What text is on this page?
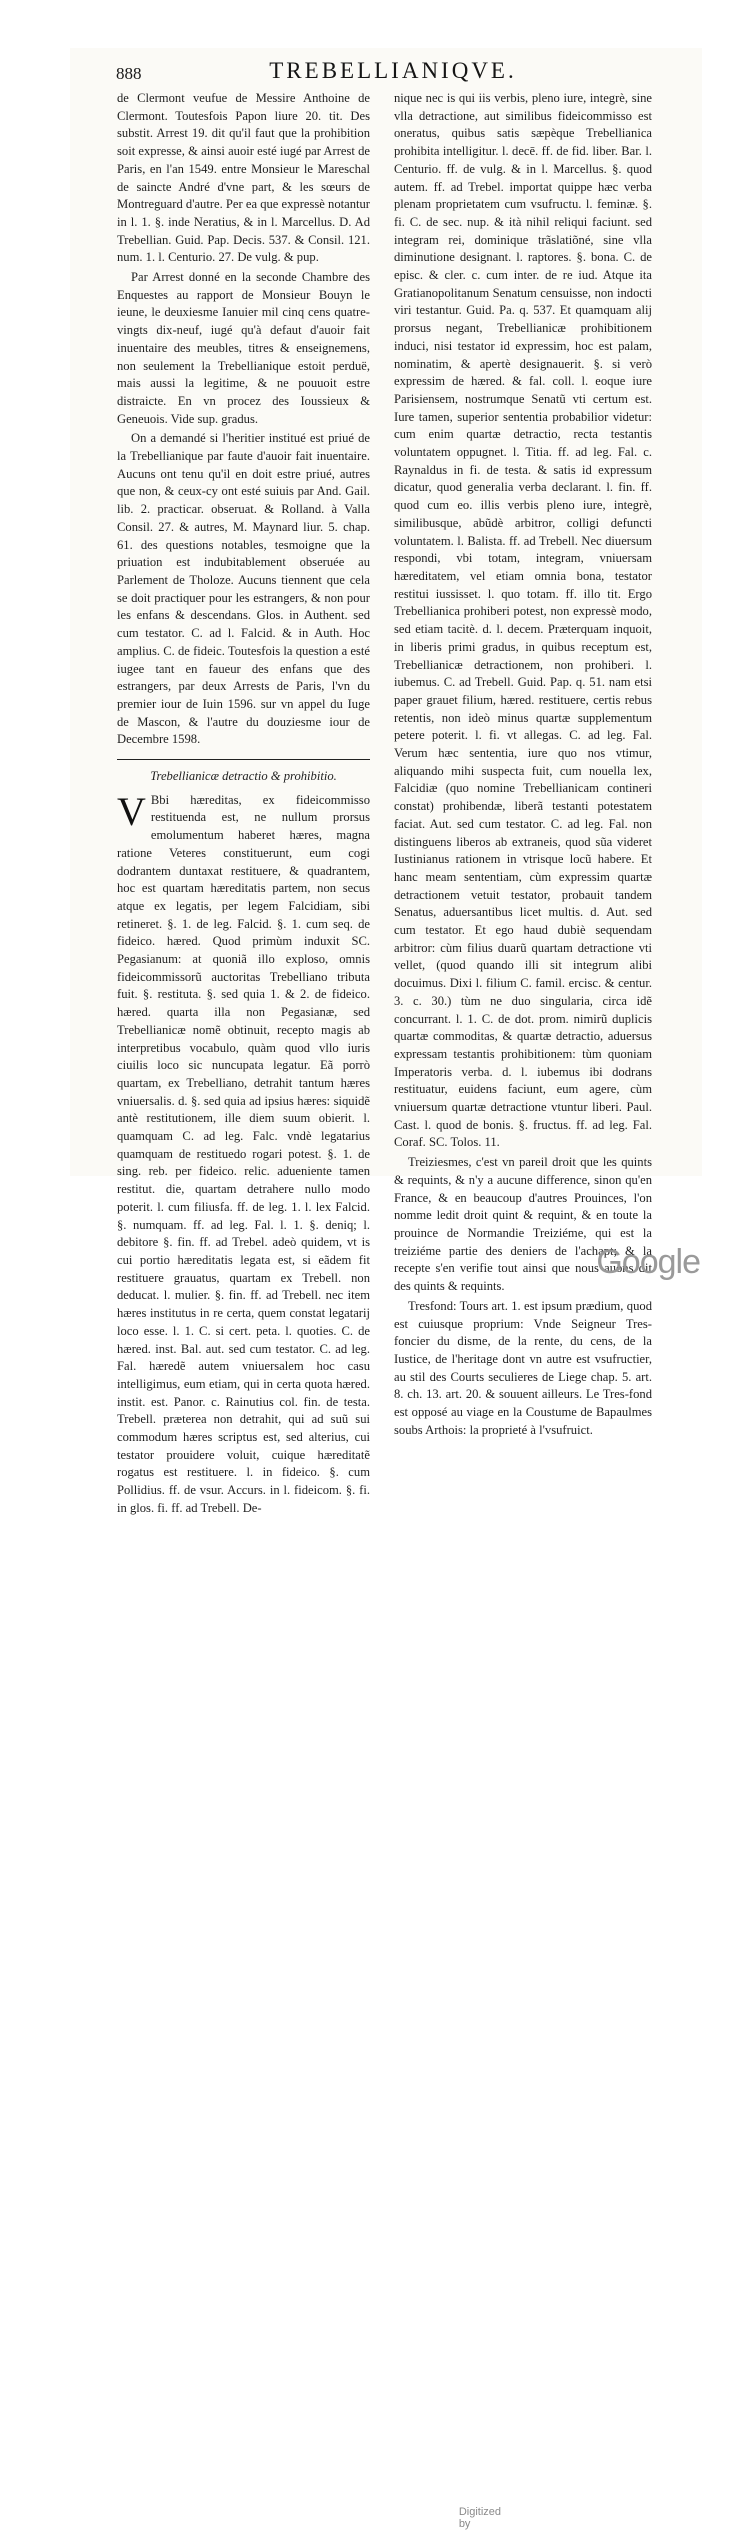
888	TREBELLIANIQVE.

de Clermont veufue de Messire Anthoine de Clermont. Toutesfois Papon liure 20. tit. Des substit. Arrest 19. dit qu'il faut que la prohibition soit expresse, & ainsi auoir esté iugé par Arrest de Paris, en l'an 1549. entre Monsieur le Mareschal de saincte André d'vne part, & les sœurs de Montreguard d'autre. Per ea que expressè notantur in l. 1. §. inde Neratius, & in l. Marcellus. D. Ad Trebellian. Guid. Pap. Decis. 537. & Consil. 121. num. 1. l. Centurio. 27. De vulg. & pup.

Par Arrest donné en la seconde Chambre des Enquestes au rapport de Monsieur Bouyn le ieune, le deuxiesme Ianuier mil cinq cens quatre-vingts dix-neuf, iugé qu'à defaut d'auoir fait inuentaire des meubles, titres & enseignemens, non seulement la Trebellianique estoit perduë, mais aussi la legitime, & ne pouuoit estre distraicte. En vn procez des Ioussieux & Geneuois. Vide sup. gradus.

On a demandé si l'heritier institué est priué de la Trebellianique par faute d'auoir fait inuentaire. Aucuns ont tenu qu'il en doit estre priué, autres que non, & ceux-cy ont esté suiuis par And. Gail. lib. 2. practicar. obseruat. & Rolland. à Valla Consil. 27. & autres, M. Maynard liur. 5. chap. 61. des questions notables, tesmoigne que la priuation est indubitablement obseruée au Parlement de Tholoze. Aucuns tiennent que cela se doit practiquer pour les estrangers, & non pour les enfans & descendans. Glos. in Authent. sed cum testator. C. ad l. Falcid. & in Auth. Hoc amplius. C. de fideic. Toutesfois la question a esté iugee tant en faueur des enfans que des estrangers, par deux Arrests de Paris, l'vn du premier iour de Iuin 1596. sur vn appel du Iuge de Mascon, & l'autre du douziesme iour de Decembre 1598.

Trebellianicæ detractio & prohibitio.

V Bbi hæreditas, ex fideicommisso restituenda est, ne nullum prorsus emolumentum haberet hæres, magna ratione Veteres constituerunt, eum cogi dodrantem duntaxat restituere, & quadrantem, hoc est quartam hæreditatis partem, non secus atque ex legatis, per legem Falcidiam, sibi retineret. §. 1. de leg. Falcid. §. 1. cum seq. de fideico. hæred. Quod primùm induxit SC. Pegasianum: at quoniã illo exploso, omnis fideicommissorũ auctoritas Trebelliano tributa fuit. §. restituta. §. sed quia 1. & 2. de fideico. hæred. quarta illa non Pegasianæ, sed Trebellianicæ nomẽ obtinuit, recepto magis ab interpretibus vocabulo, quàm quod vllo iuris ciuilis loco sic nuncupata legatur. Eã porrò quartam, ex Trebelliano, detrahit tantum hæres vniuersalis. d. §. sed quia ad ipsius hæres: siquidẽ antè restitutionem, ille diem suum obierit. l. quamquam C. ad leg. Falc. vndè legatarius quamquam de restituedo rogari potest. §. 1. de sing. reb. per fideico. relic. adueniente tamen restitut. die, quartam detrahere nullo modo poterit. l. cum filiusfa. ff. de leg. 1. l. lex Falcid. §. numquam. ff. ad leg. Fal. l. 1. §. deniq; l. debitore §. fin. ff. ad Trebel. adeò quidem, vt is cui portio hæreditatis legata est, si eãdem fit restituere grauatus, quartam ex Trebell. non deducat. l. mulier. §. fin. ff. ad Trebell. nec item hæres institutus in re certa, quem constat legatarij loco esse. l. 1. C. si cert. peta. l. quoties. C. de hæred. inst. Bal. aut. sed cum testator. C. ad leg. Fal. hæredẽ autem vniuersalem hoc casu intelligimus, eum etiam, qui in certa quota hæred. instit. est. Panor. c. Rainutius col. fin. de testa. Trebell. præterea non detrahit, qui ad suũ sui commodum hæres scriptus est, sed alterius, cui testator prouidere voluit, cuique hæreditatẽ rogatus est restituere. l. in fideico. §. cum Pollidius. ff. de vsur. Accurs. in l. fideicom. §. fi. in glos. fi. ff. ad Trebell. De-

nique nec is qui iis verbis, pleno iure, integrè, sine vlla detractione, aut similibus fideicommisso est oneratus, quibus satis sæpèque Trebellianica prohibita intelligitur. l. decē. ff. de fid. liber. Bar. l. Centurio. ff. de vulg. & in l. Marcellus. §. quod autem. ff. ad Trebel. importat quippe hæc verba plenam proprietatem cum vsufructu. l. feminæ. §. fi. C. de sec. nup. & ità nihil reliqui faciunt. sed integram rei, dominique trãslatiõné, sine vlla diminutione designant. l. raptores. §. bona. C. de episc. & cler. c. cum inter. de re iud. Atque ita Gratianopolitanum Senatum censuisse, non indocti viri testantur. Guid. Pa. q. 537. Et quamquam alij prorsus negant, Trebellianicæ prohibitionem induci, nisi testator id expressim, hoc est palam, nominatim, & apertè designauerit. §. si verò expressim de hæred. & fal. coll. l. eoque iure Parisiensem, nostrumque Senatũ vti certum est. Iure tamen, superior sententia probabilior videtur: cum enim quartæ detractio, recta testantis voluntatem oppugnet. l. Titia. ff. ad leg. Fal. c. Raynaldus in fi. de testa. & satis id expressum dicatur, quod generalia verba declarant. l. fin. ff. quod cum eo. illis verbis pleno iure, integrè, similibusque, abũdè arbitror, colligi defuncti voluntatem. l. Balista. ff. ad Trebell. Nec diuersum respondi, vbi totam, integram, vniuersam hæreditatem, vel etiam omnia bona, testator restitui iussisset. l. quo totam. ff. illo tit. Ergo Trebellianica prohiberi potest, non expressè modo, sed etiam tacitè. d. l. decem. Præterquam inquoit, in liberis primi gradus, in quibus receptum est, Trebellianicæ detractionem, non prohiberi. l. iubemus. C. ad Trebell. Guid. Pap. q. 51. nam etsi paper grauet filium, hæred. restituere, certis rebus retentis, non ideò minus quartæ supplementum petere poterit. l. fi. vt allegas. C. ad leg. Fal. Verum hæc sententia, iure quo nos vtimur, aliquando mihi suspecta fuit, cum nouella lex, Falcidiæ (quo nomine Trebellianicam contineri constat) prohibendæ, liberã testanti potestatem faciat. Aut. sed cum testator. C. ad leg. Fal. non distinguens liberos ab extraneis, quod sũa videret Iustinianus rationem in vtrisque locũ habere. Et hanc meam sententiam, cùm expressim quartæ detractionem vetuit testator, probauit tandem Senatus, aduersantibus licet multis. d. Aut. sed cum testator. Et ego haud dubiè sequendam arbitror: cùm filius duarũ quartam detractione vti vellet, (quod quando illi sit integrum alibi docuimus. Dixi l. filium C. famil. ercisc. & centur. 3. c. 30.) tùm ne duo singularia, circa idẽ concurrant. l. 1. C. de dot. prom. nimirũ duplicis quartæ commoditas, & quartæ detractio, aduersus expressam testantis prohibitionem: tùm quoniam Imperatoris verba. d. l. iubemus ibi dodrans restituatur, euidens faciunt, eum agere, cùm vniuersum quartæ detractione vtuntur liberi. Paul. Cast. l. quod de bonis. §. fructus. ff. ad leg. Fal. Coraf. SC. Tolos. 11.

Treiziesmes, c'est vn pareil droit que les quints & requints, & n'y a aucune difference, sinon qu'en France, & en beaucoup d'autres Prouinces, l'on nomme ledit droit quint & requint, & en toute la prouince de Normandie Treiziéme, qui est la treiziéme partie des deniers de l'achapt; & la recepte s'en verifie tout ainsi que nous auons dit des quints & requints.

Tresfond: Tours art. 1. est ipsum prædium, quod est cuiusque proprium: Vnde Seigneur Tres-foncier du disme, de la rente, du cens, de la Iustice, de l'heritage dont vn autre est vsufructier, au stil des Courts seculieres de Liege chap. 5. art. 8. ch. 13. art. 20. & souuent ailleurs. Le Tres-fond est opposé au viage en la Coustume de Bapaulmes soubs Arthois: la proprieté à l'vsufruict.

Digitized by
Google
